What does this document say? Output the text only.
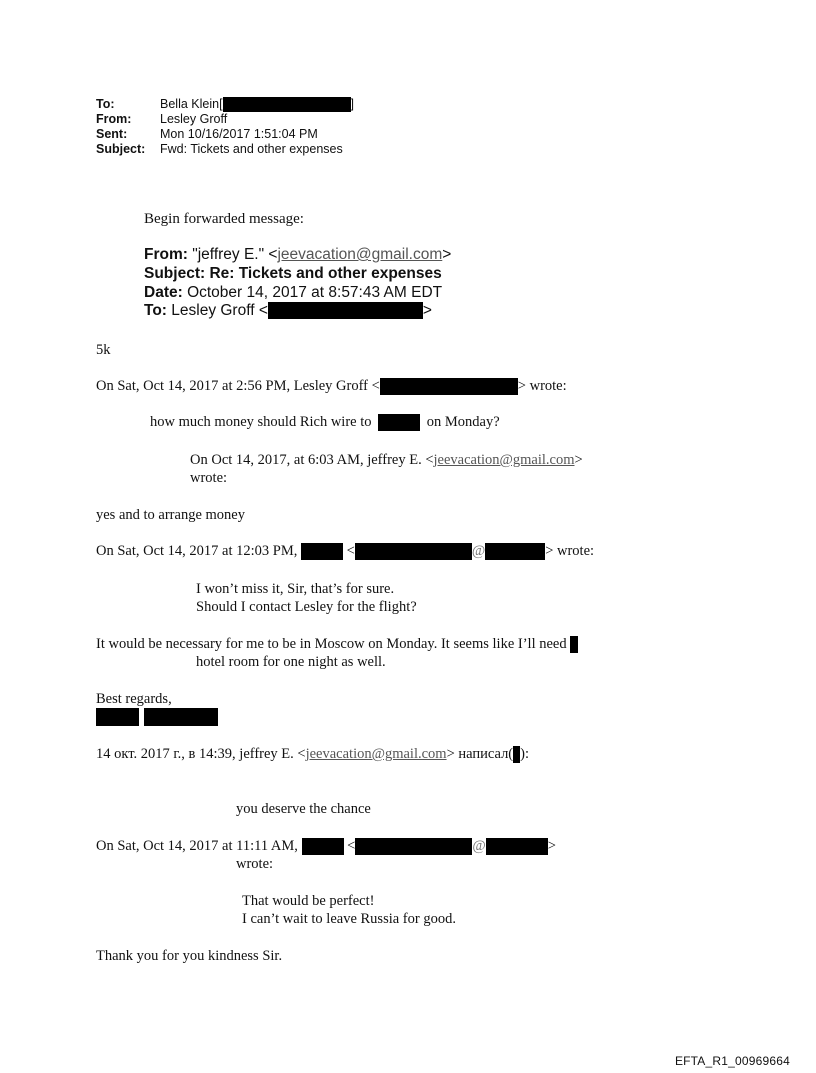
To:	Bella Klein[	]
From: Lesley Groff
Sent:	Mon 10/16/2017 1:51:04 PM
Subject: Fwd: Tickets and other expenses
Begin forwarded message:
From: "jeffrey E." <jeevacation@gmail.com>
Subject: Re: Tickets and other expenses
Date: October 14, 2017 at 8:57:43 AM EDT
To: Lesley Groff <	>
5k
On Sat, Oct 14, 2017 at 2:56 PM, Lesley Groff <	> wrote:
how much money should Rich wire to	on Monday?
On Oct 14, 2017, at 6:03 AM, jeffrey E. <jeevacation@gmail.com>
wrote:
yes and to arrange money
On Sat, Oct 14, 2017 at 12:03 PM,	<	@	> wrote:
I won’t miss it, Sir, that’s for sure.
Should I contact Lesley for the flight?
It would be necessary for me to be in Moscow on Monday. It seems like I’ll need
hotel room for one night as well.
Best regards,

14 окт. 2017 г., в 14:39, jeffrey E. <jeevacation@gmail.com> написал( ):
you deserve the chance
On Sat, Oct 14, 2017 at 11:11 AM,	<	@	>
wrote:
That would be perfect!
I can’t wait to leave Russia for good.
Thank you for you kindness Sir.
EFTA_R1_00969664
